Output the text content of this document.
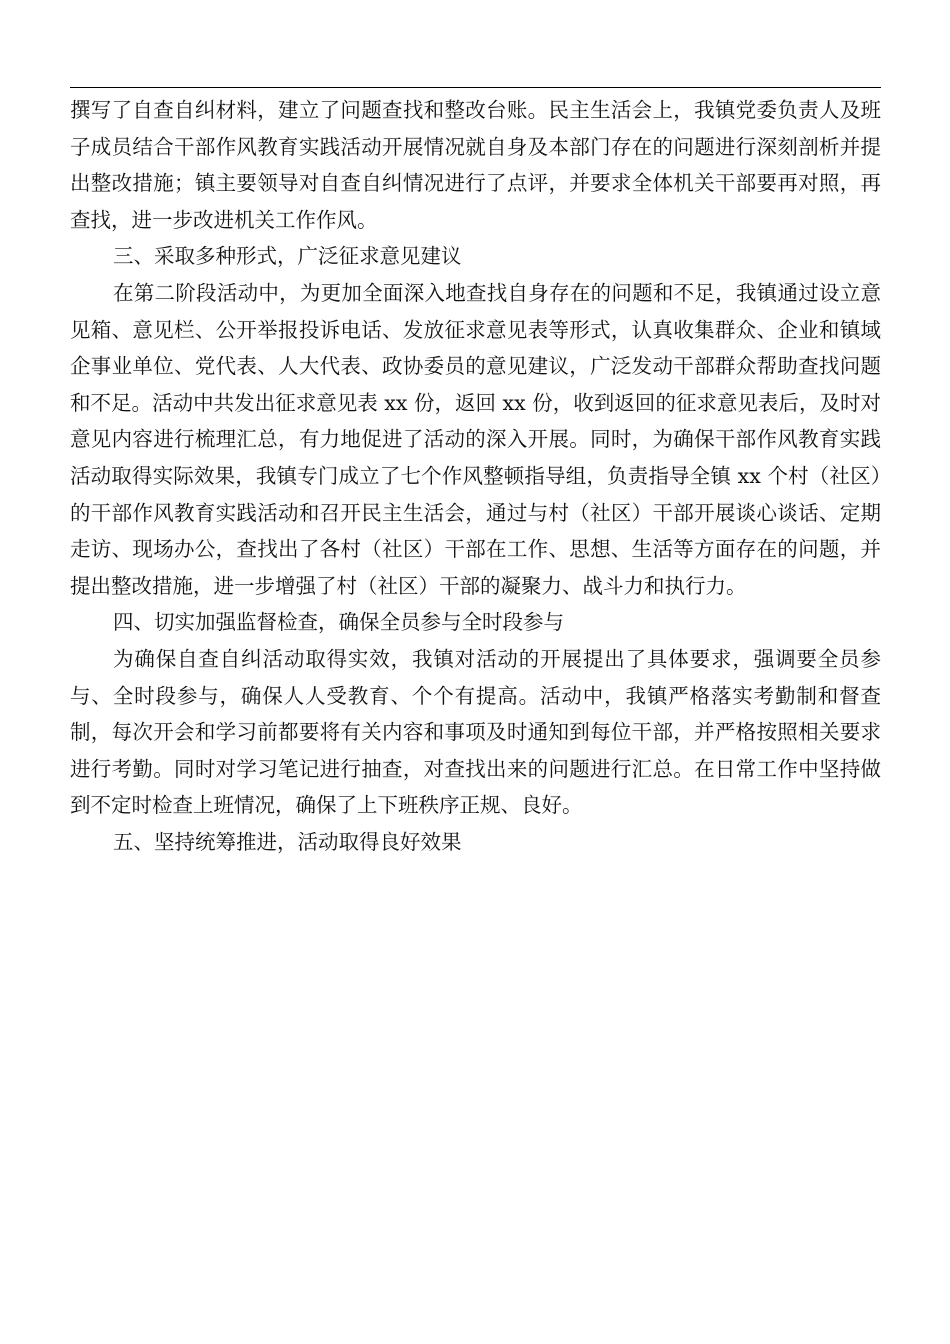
撰写了自查自纠材料，建立了问题查找和整改台账。民主生活会上，我镇党委负责人及班子成员结合干部作风教育实践活动开展情况就自身及本部门存在的问题进行深刻剖析并提出整改措施；镇主要领导对自查自纠情况进行了点评，并要求全体机关干部要再对照，再查找，进一步改进机关工作作风。

三、采取多种形式，广泛征求意见建议

在第二阶段活动中，为更加全面深入地查找自身存在的问题和不足，我镇通过设立意见箱、意见栏、公开举报投诉电话、发放征求意见表等形式，认真收集群众、企业和镇域企事业单位、党代表、人大代表、政协委员的意见建议，广泛发动干部群众帮助查找问题和不足。活动中共发出征求意见表 xx 份，返回 xx 份，收到返回的征求意见表后，及时对意见内容进行梳理汇总，有力地促进了活动的深入开展。同时，为确保干部作风教育实践活动取得实际效果，我镇专门成立了七个作风整顿指导组，负责指导全镇 xx 个村（社区）的干部作风教育实践活动和召开民主生活会，通过与村（社区）干部开展谈心谈话、定期走访、现场办公，查找出了各村（社区）干部在工作、思想、生活等方面存在的问题，并提出整改措施，进一步增强了村（社区）干部的凝聚力、战斗力和执行力。

四、切实加强监督检查，确保全员参与全时段参与

为确保自查自纠活动取得实效，我镇对活动的开展提出了具体要求，强调要全员参与、全时段参与，确保人人受教育、个个有提高。活动中，我镇严格落实考勤制和督查制，每次开会和学习前都要将有关内容和事项及时通知到每位干部，并严格按照相关要求进行考勤。同时对学习笔记进行抽查，对查找出来的问题进行汇总。在日常工作中坚持做到不定时检查上班情况，确保了上下班秩序正规、良好。

五、坚持统筹推进，活动取得良好效果
